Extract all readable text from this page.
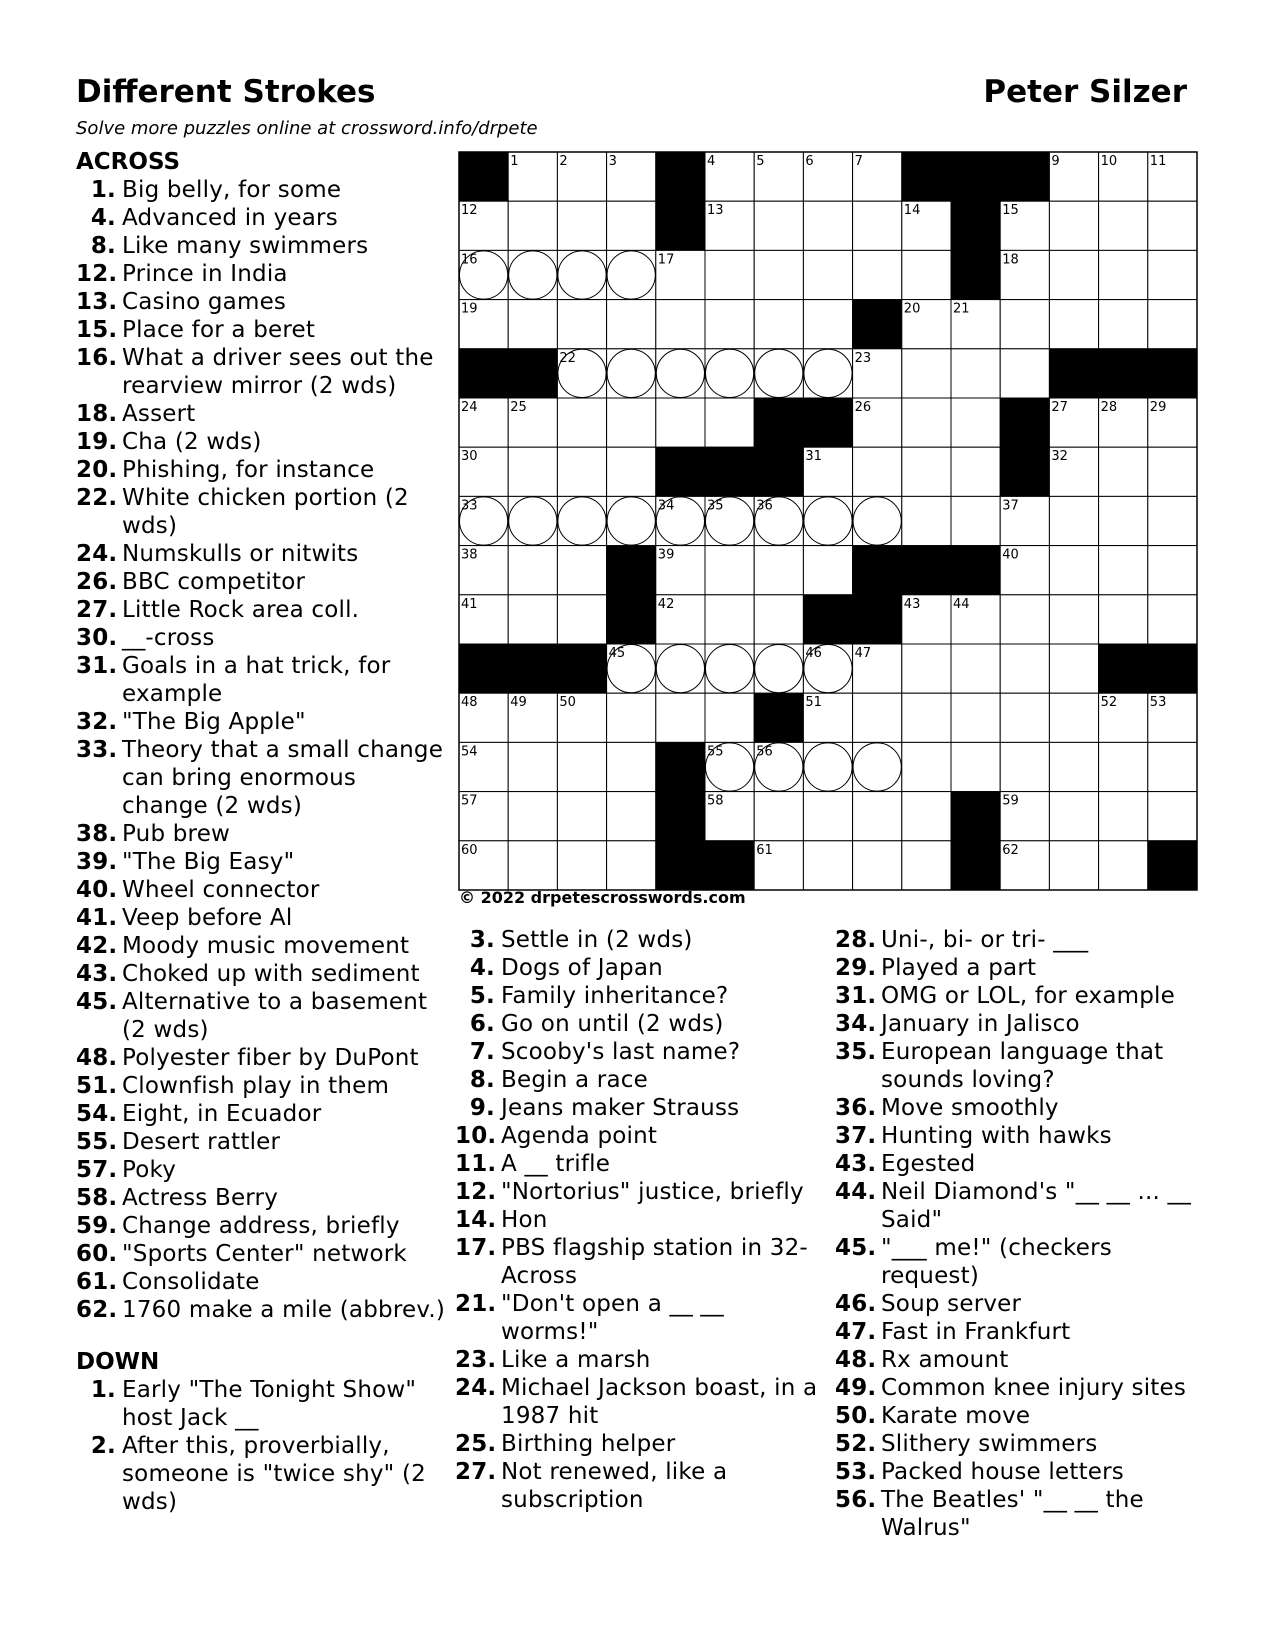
Different Strokes	Peter Silzer
Solve more puzzles online at crossword.info/drpete
1	2	3	4	5	6	7	8	9	10	11
12	13	14	15
16	17	18
19	20	21
22	23
24	25	26	27	28	29
30	31	32
33	34	35	36	37
38	39	40
41	42	43	44
45	46	47
48	49	50	51	52	53
54	55	56
57	58	59
60	61	62
© 2022 drpetescrosswords.com
ACROSS
1. Big belly, for some
4. Advanced in years
8. Like many swimmers
12. Prince in India
13. Casino games
15. Place for a beret
16. What a driver sees out the rearview mirror (2 wds)
18. Assert
19. Cha (2 wds)
20. Phishing, for instance
22. White chicken portion (2 wds)
24. Numskulls or nitwits
26. BBC competitor
27. Little Rock area coll.
30. __-cross
31. Goals in a hat trick, for example
32. "The Big Apple"
33. Theory that a small change can bring enormous change (2 wds)
38. Pub brew
39. "The Big Easy"
40. Wheel connector
41. Veep before Al
42. Moody music movement
43. Choked up with sediment
45. Alternative to a basement (2 wds)
48. Polyester fiber by DuPont
51. Clownfish play in them
54. Eight, in Ecuador
55. Desert rattler
57. Poky
58. Actress Berry
59. Change address, briefly
60. "Sports Center" network
61. Consolidate
62. 1760 make a mile (abbrev.)
DOWN
1. Early "The Tonight Show" host Jack __
2. After this, proverbially, someone is "twice shy" (2 wds)
3. Settle in (2 wds)
4. Dogs of Japan
5. Family inheritance?
6. Go on until (2 wds)
7. Scooby's last name?
8. Begin a race
9. Jeans maker Strauss
10. Agenda point
11. A __ trifle
12. "Nortorius" justice, briefly
14. Hon
17. PBS flagship station in 32-Across
21. "Don't open a __ __ worms!"
23. Like a marsh
24. Michael Jackson boast, in a 1987 hit
25. Birthing helper
27. Not renewed, like a subscription
28. Uni-, bi- or tri- ___
29. Played a part
31. OMG or LOL, for example
34. January in Jalisco
35. European language that sounds loving?
36. Move smoothly
37. Hunting with hawks
43. Egested
44. Neil Diamond's "__ __ ... __ Said"
45. "___ me!" (checkers request)
46. Soup server
47. Fast in Frankfurt
48. Rx amount
49. Common knee injury sites
50. Karate move
52. Slithery swimmers
53. Packed house letters
56. The Beatles' "__ __ the Walrus"
